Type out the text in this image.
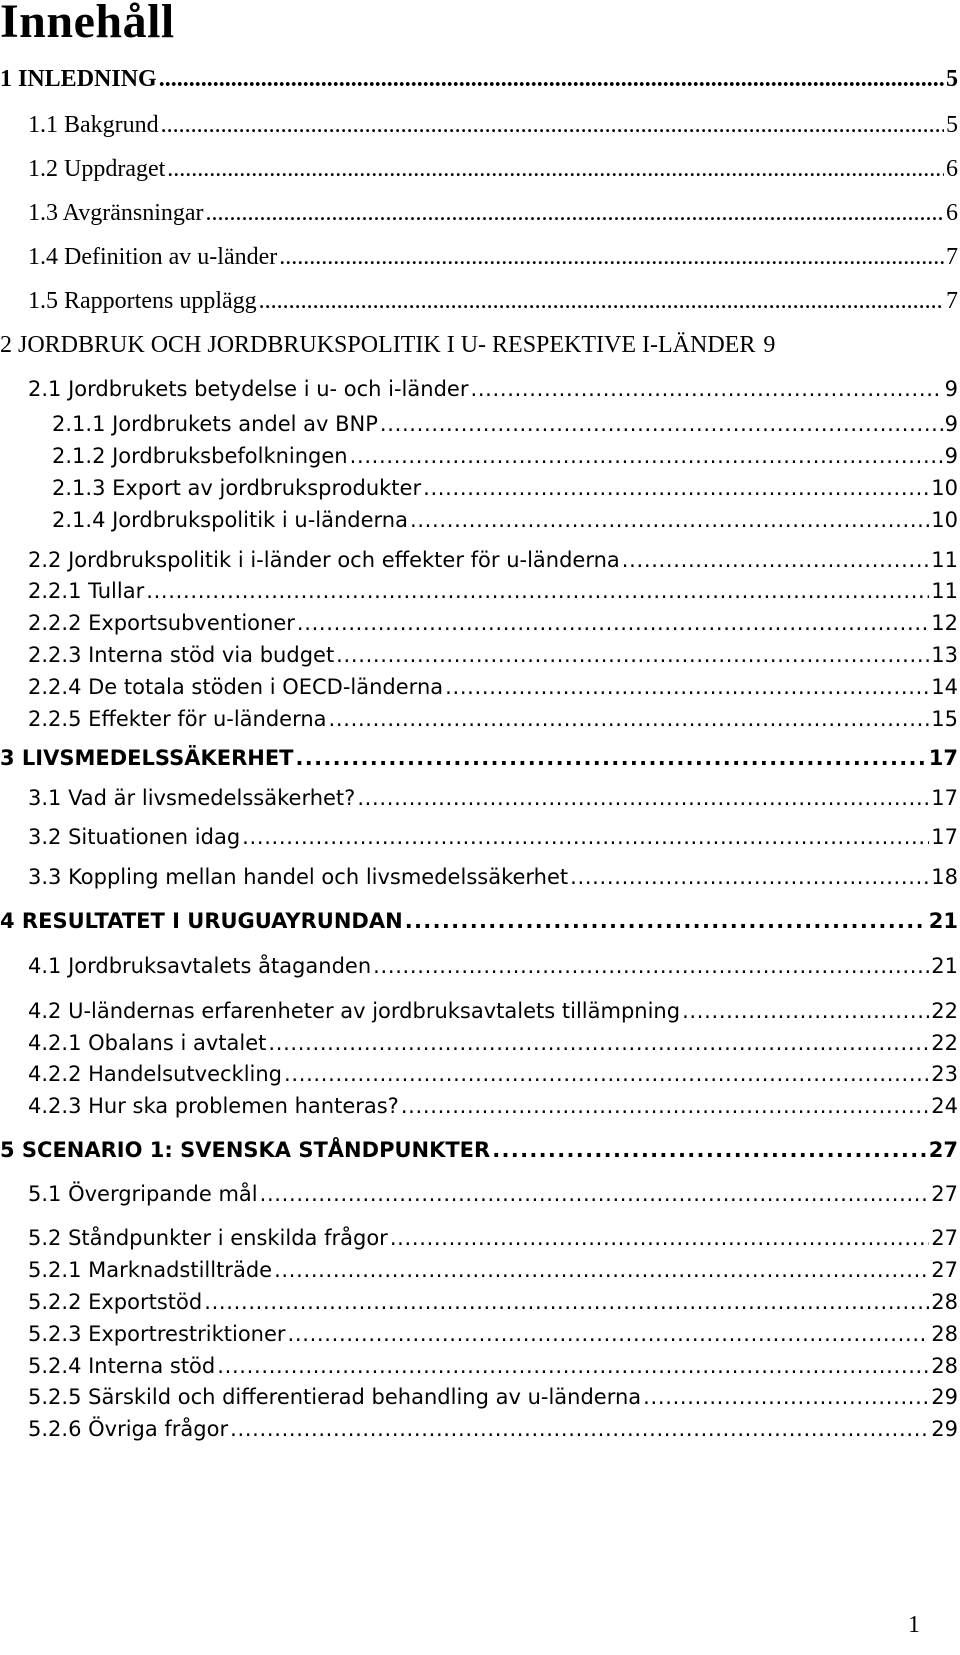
Innehåll
1 INLEDNING . . .	5
1.1 Bakgrund . . .	5
1.2 Uppdraget . . .	6
1.3 Avgränsningar . . .	6
1.4 Definition av u-länder . . .	7
1.5 Rapportens upplägg . . .	7
2 JORDBRUK OCH JORDBRUKSPOLITIK I U- RESPEKTIVE I-LÄNDER 9
2.1 Jordbrukets betydelse i u- och i-länder . . .	9
2.1.1 Jordbrukets andel av BNP . . .	9
2.1.2 Jordbruksbefolkningen . . .	9
2.1.3 Export av jordbruksprodukter . . .	10
2.1.4 Jordbrukspolitik i u-länderna . . .	10
2.2 Jordbrukspolitik i i-länder och effekter för u-länderna . . .	11
2.2.1 Tullar . . .	11
2.2.2 Exportsubventioner . . .	12
2.2.3 Interna stöd via budget . . .	13
2.2.4 De totala stöden i OECD-länderna . . .	14
2.2.5 Effekter för u-länderna . . .	15
3 LIVSMEDELSSÄKERHET . . .	17
3.1 Vad är livsmedelssäkerhet? . . .	17
3.2 Situationen idag . . .	17
3.3 Koppling mellan handel och livsmedelssäkerhet . . .	18
4 RESULTATET I URUGUAYRUNDAN . . .	21
4.1 Jordbruksavtalets åtaganden . . .	21
4.2 U-ländernas erfarenheter av jordbruksavtalets tillämpning . . .	22
4.2.1 Obalans i avtalet . . .	22
4.2.2 Handelsutveckling . . .	23
4.2.3 Hur ska problemen hanteras? . . .	24
5 SCENARIO 1: SVENSKA STÅNDPUNKTER . . .	27
5.1 Övergripande mål . . .	27
5.2 Ståndpunkter i enskilda frågor . . .	27
5.2.1 Marknadstillträde . . .	27
5.2.2 Exportstöd . . .	28
5.2.3 Exportrestriktioner . . .	28
5.2.4 Interna stöd . . .	28
5.2.5 Särskild och differentierad behandling av u-länderna . . .	29
5.2.6 Övriga frågor . . .	29
1
